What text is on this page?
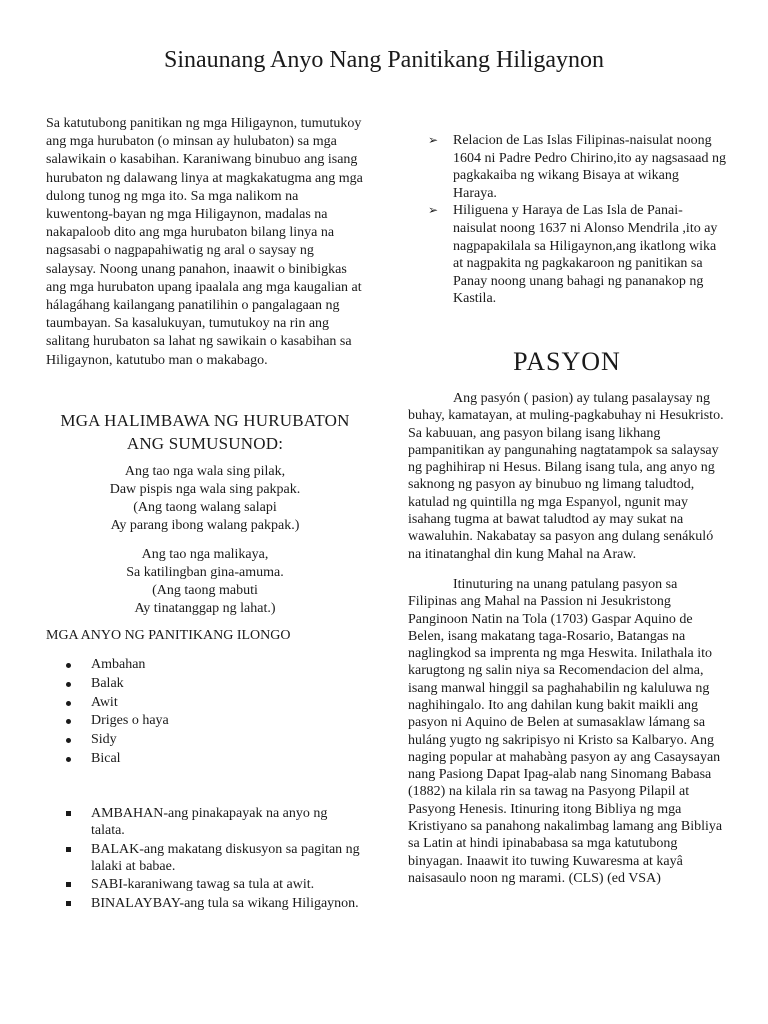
Sinaunang Anyo Nang Panitikang Hiligaynon

Sa katutubong panitikan ng mga Hiligaynon, tumutukoy ang mga hurubaton (o minsan ay hulubaton) sa mga salawikain o kasabihan. Karaniwang binubuo ang isang hurubaton ng dalawang linya at magkakatugma ang mga dulong tunog ng mga ito. Sa mga nalikom na kuwentong-bayan ng mga Hiligaynon, madalas na nakapaloob dito ang mga hurubaton bilang linya na nagsasabi o nagpapahiwatig ng aral o saysay ng salaysay. Noong unang panahon, inaawit o binibigkas ang mga hurubaton upang ipaalala ang mga kaugalian at hálagáhang kailangang panatilihin o pangalagaan ng taumbayan. Sa kasalukuyan, tumutukoy na rin ang salitang hurubaton sa lahat ng sawikain o kasabihan sa Hiligaynon, katutubo man o makabago.

MGA HALIMBAWA NG HURUBATON
ANG SUMUSUNOD:
Ang tao nga wala sing pilak,
Daw pispis nga wala sing pakpak.
(Ang taong walang salapi
Ay parang ibong walang pakpak.)
Ang tao nga malikaya,
Sa katilingban gina-amuma.
(Ang taong mabuti
Ay tinatanggap ng lahat.)

MGA ANYO NG PANITIKANG ILONGO

Ambahan
Balak
Awit
Driges o haya
Sidy
Bical
AMBAHAN-ang pinakapayak na anyo ng talata.
BALAK-ang makatang diskusyon sa pagitan ng lalaki at babae.
SABI-karaniwang tawag sa tula at awit.
BINALAYBAY-ang tula sa wikang Hiligaynon.
➢ Relacion de Las Islas Filipinas-naisulat noong 1604 ni Padre Pedro Chirino,ito ay nagsasaad ng pagkakaiba ng wikang Bisaya at wikang Haraya.
➢ Hiliguena y Haraya de Las Isla de Panai-naisulat noong 1637 ni Alonso Mendrila ,ito ay nagpapakilala sa Hiligaynon,ang ikatlong wika at nagpakita ng pagkakaroon ng panitikan sa Panay noong unang bahagi ng pananakop ng Kastila.
PASYON

Ang pasyón ( pasion) ay tulang pasalaysay ng buhay, kamatayan, at muling-pagkabuhay ni Hesukristo. Sa kabuuan, ang pasyon bilang isang likhang pampanitikan ay pangunahing nagtatampok sa salaysay ng paghihirap ni Hesus. Bilang isang tula, ang anyo ng saknong ng pasyon ay binubuo ng limang taludtod, katulad ng quintilla ng mga Espanyol, ngunit may isahang tugma at bawat taludtod ay may sukat na wawaluhin. Nakabatay sa pasyon ang dulang senákuló na itinatanghal din kung Mahal na Araw.

Itinuturing na unang patulang pasyon sa Filipinas ang Mahal na Passion ni Jesukristong Panginoon Natin na Tola (1703) Gaspar Aquino de Belen, isang makatang taga-Rosario, Batangas na naglingkod sa imprenta ng mga Heswita. Inilathala ito karugtong ng salin niya sa Recomendacion del alma, isang manwal hinggil sa paghahabilin ng kaluluwa ng naghihingalo. Ito ang dahilan kung bakit maikli ang pasyon ni Aquino de Belen at sumasaklaw lámang sa huláng yugto ng sakripisyo ni Kristo sa Kalbaryo. Ang naging popular at mahabàng pasyon ay ang Casaysayan nang Pasiong Dapat Ipag-alab nang Sinomang Babasa (1882) na kilala rin sa tawag na Pasyong Pilapil at Pasyong Henesis. Itinuring itong Bibliya ng mga Kristiyano sa panahong nakalimbag lamang ang Bibliya sa Latin at hindi ipinababasa sa mga katutubong binyagan. Inaawit ito tuwing Kuwaresma at kayâ naisasaulo noon ng marami. (CLS) (ed VSA)
